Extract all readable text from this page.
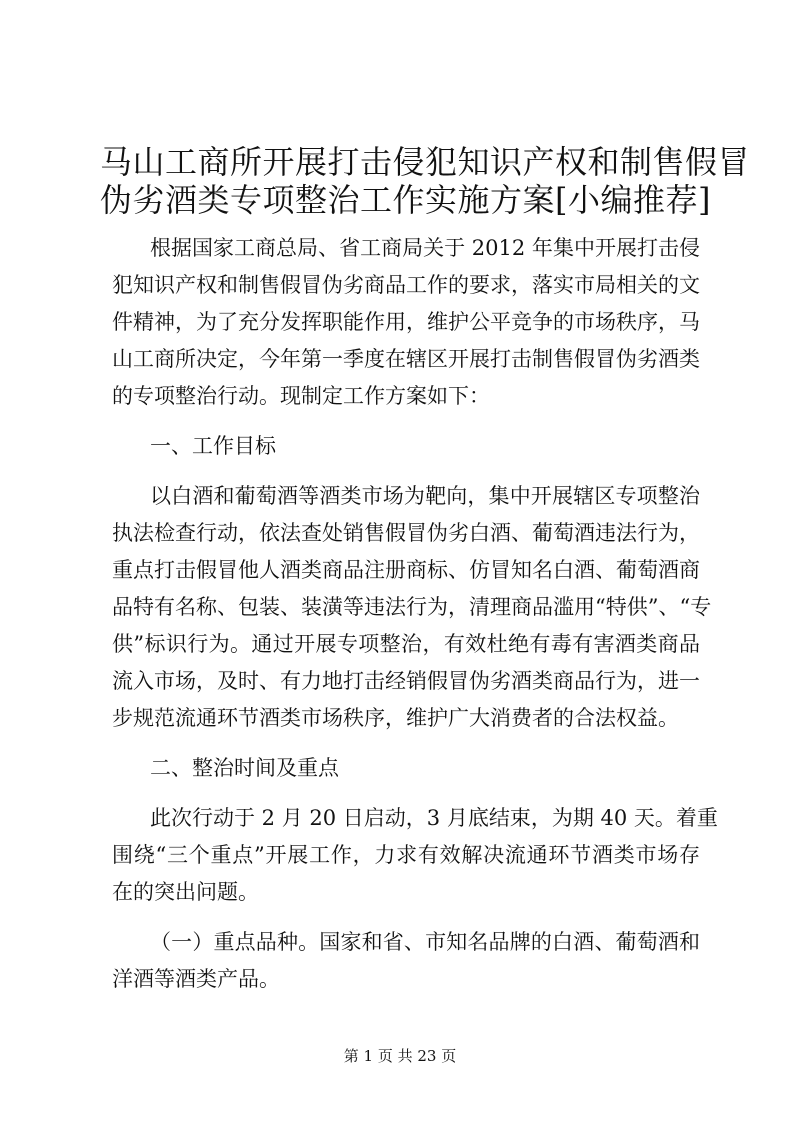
马山工商所开展打击侵犯知识产权和制售假冒
伪劣酒类专项整治工作实施方案[小编推荐]

根据国家工商总局、省工商局关于 2012 年集中开展打击侵

犯知识产权和制售假冒伪劣商品工作的要求，落实市局相关的文

件精神，为了充分发挥职能作用，维护公平竞争的市场秩序，马

山工商所决定，今年第一季度在辖区开展打击制售假冒伪劣酒类

的专项整治行动。现制定工作方案如下：

一、工作目标

以白酒和葡萄酒等酒类市场为靶向，集中开展辖区专项整治

执法检查行动，依法查处销售假冒伪劣白酒、葡萄酒违法行为，

重点打击假冒他人酒类商品注册商标、仿冒知名白酒、葡萄酒商

品特有名称、包装、装潢等违法行为，清理商品滥用“特供”、“专

供”标识行为。通过开展专项整治，有效杜绝有毒有害酒类商品

流入市场，及时、有力地打击经销假冒伪劣酒类商品行为，进一

步规范流通环节酒类市场秩序，维护广大消费者的合法权益。

二、整治时间及重点

此次行动于 2 月 20 日启动，3 月底结束，为期 40 天。着重

围绕“三个重点”开展工作，力求有效解决流通环节酒类市场存

在的突出问题。

（一）重点品种。国家和省、市知名品牌的白酒、葡萄酒和

洋酒等酒类产品。

第 1 页 共 23 页
